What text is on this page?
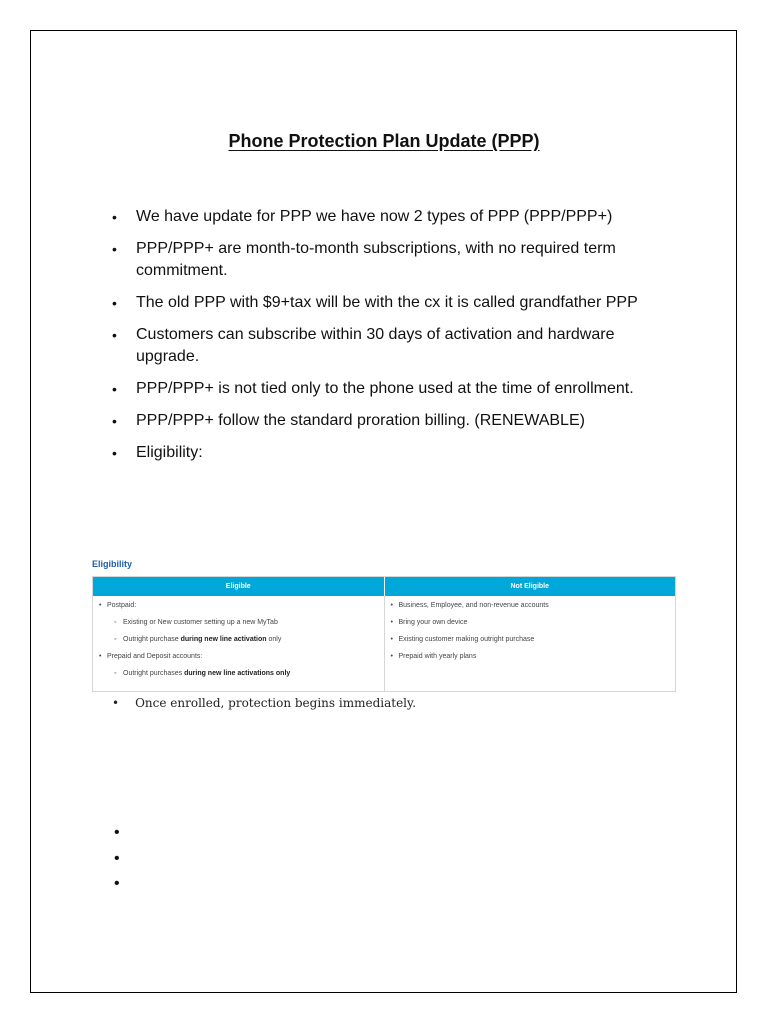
Phone Protection Plan Update (PPP)
• We have update for PPP we have now 2 types of PPP (PPP/PPP+)
• PPP/PPP+ are month-to-month subscriptions, with no required term commitment.
• The old PPP with $9+tax will be with the cx it is called grandfather PPP
• Customers can subscribe within 30 days of activation and hardware upgrade.
• PPP/PPP+ is not tied only to the phone used at the time of enrollment.
• PPP/PPP+ follow the standard proration billing. (RENEWABLE)
• Eligibility:
Eligibility
Eligible	Not Eligible
• Postpaid:
◦ Existing or New customer setting up a new MyTab
◦ Outright purchase during new line activation only
• Prepaid and Deposit accounts:
◦ Outright purchases during new line activations only
• Business, Employee, and non-revenue accounts
• Bring your own device
• Existing customer making outright purchase
• Prepaid with yearly plans
• Once enrolled, protection begins immediately.
•
•
•
